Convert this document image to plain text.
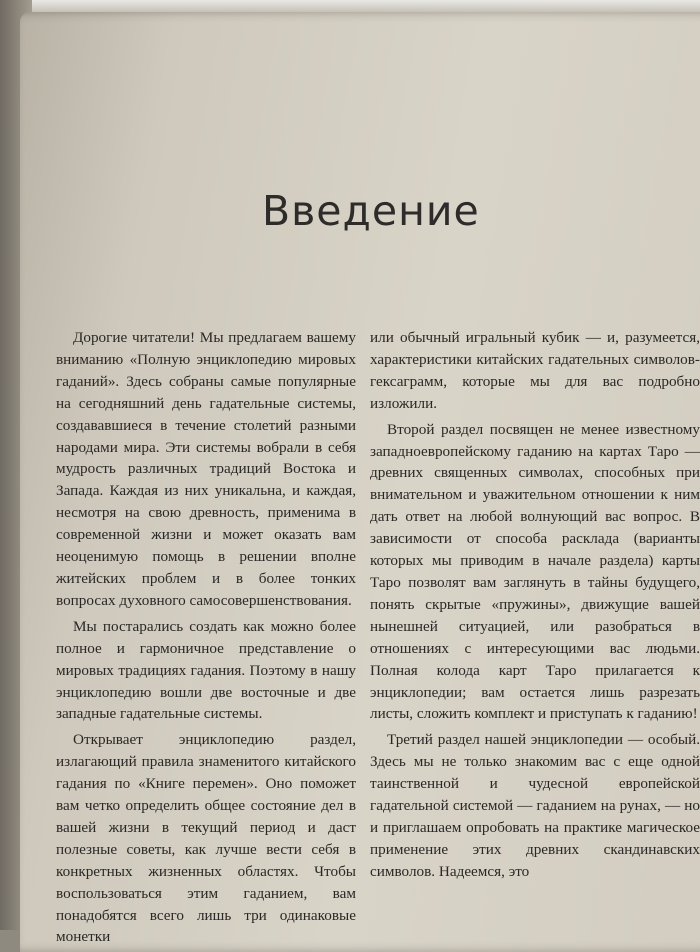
Введение

Дорогие читатели! Мы предлагаем вашему вниманию «Полную энциклопедию мировых гаданий». Здесь собраны самые популярные на сегодняшний день гадательные системы, создававшиеся в течение столетий разными народами мира. Эти системы вобрали в себя мудрость различных традиций Востока и Запада. Каждая из них уникальна, и каждая, несмотря на свою древность, применима в современной жизни и может оказать вам неоценимую помощь в решении вполне житейских проблем и в более тонких вопросах духовного самосовершенствования.

Мы постарались создать как можно более полное и гармоничное представление о мировых традициях гадания. Поэтому в нашу энциклопедию вошли две восточные и две западные гадательные системы.

Открывает энциклопедию раздел, излагающий правила знаменитого китайского гадания по «Книге перемен». Оно поможет вам четко определить общее состояние дел в вашей жизни в текущий период и даст полезные советы, как лучше вести себя в конкретных жизненных областях. Чтобы воспользоваться этим гаданием, вам понадобятся всего лишь три одинаковые монетки

или обычный игральный кубик — и, разумеется, характеристики китайских гадательных символов-гексаграмм, которые мы для вас подробно изложили.

Второй раздел посвящен не менее известному западноевропейскому гаданию на картах Таро — древних священных символах, способных при внимательном и уважительном отношении к ним дать ответ на любой волнующий вас вопрос. В зависимости от способа расклада (варианты которых мы приводим в начале раздела) карты Таро позволят вам заглянуть в тайны будущего, понять скрытые «пружины», движущие вашей нынешней ситуацией, или разобраться в отношениях с интересующими вас людьми. Полная колода карт Таро прилагается к энциклопедии; вам остается лишь разрезать листы, сложить комплект и приступать к гаданию!

Третий раздел нашей энциклопедии — особый. Здесь мы не только знакомим вас с еще одной таинственной и чудесной европейской гадательной системой — гаданием на рунах, — но и приглашаем опробовать на практике магическое применение этих древних скандинавских символов. Надеемся, это
